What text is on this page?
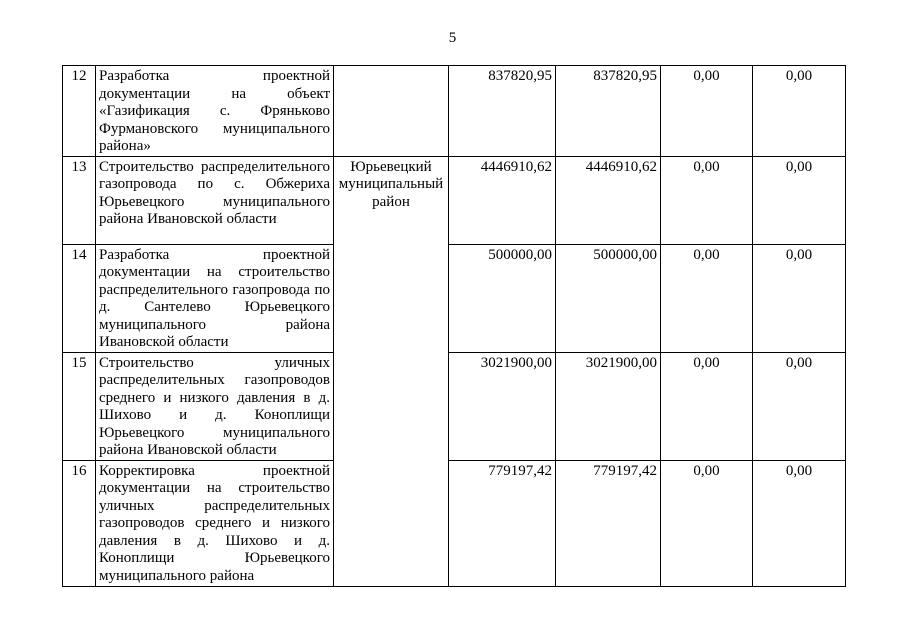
5
12	Разработка проектной документации на объект «Газификация с. Фряньково Фурмановского муниципального района»		837820,95	837820,95	0,00	0,00
13	Строительство распределительного газопровода по с. Обжериха Юрьевецкого муниципального района Ивановской области	Юрьевецкий муниципальный район	4446910,62	4446910,62	0,00	0,00
14	Разработка проектной документации на строительство распределительного газопровода по д. Сантелево Юрьевецкого муниципального района Ивановской области		500000,00	500000,00	0,00	0,00
15	Строительство уличных распределительных газопроводов среднего и низкого давления в д. Шихово и д. Коноплищи Юрьевецкого муниципального района Ивановской области		3021900,00	3021900,00	0,00	0,00
16	Корректировка проектной документации на строительство уличных распределительных газопроводов среднего и низкого давления в д. Шихово и д. Коноплищи Юрьевецкого муниципального района		779197,42	779197,42	0,00	0,00
